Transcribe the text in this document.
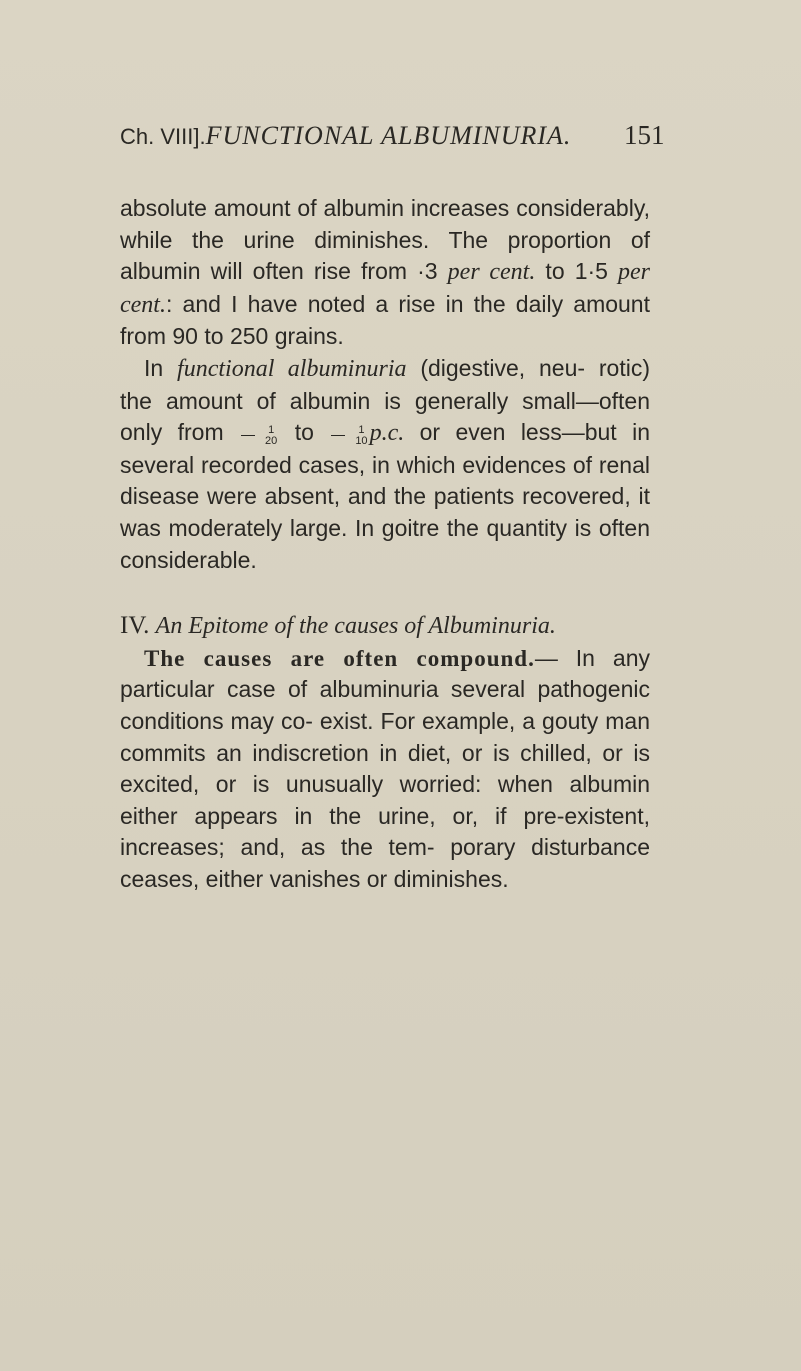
Ch. VIII].FUNCTIONAL ALBUMINURIA. 151

absolute amount of albumin increases considerably, while the urine diminishes. The proportion of albumin will often rise from ·3 per cent. to 1·5 per cent.: and I have noted a rise in the daily amount from 90 to 250 grains.

In functional albuminuria (digestive, neu- rotic) the amount of albumin is generally small—often only from $\frac{1}{20}$ to $\frac{1}{10} p.c$. or even less—but in several recorded cases, in which evidences of renal disease were absent, and the patients recovered, it was moderately large. In goitre the quantity is often considerable.

IV. An Epitome of the causes of Albuminuria.

The causes are often compound.— In any particular case of albuminuria several pathogenic conditions may co- exist. For example, a gouty man commits an indiscretion in diet, or is chilled, or is excited, or is unusually worried: when albumin either appears in the urine, or, if pre-existent, increases; and, as the tem- porary disturbance ceases, either vanishes or diminishes.
